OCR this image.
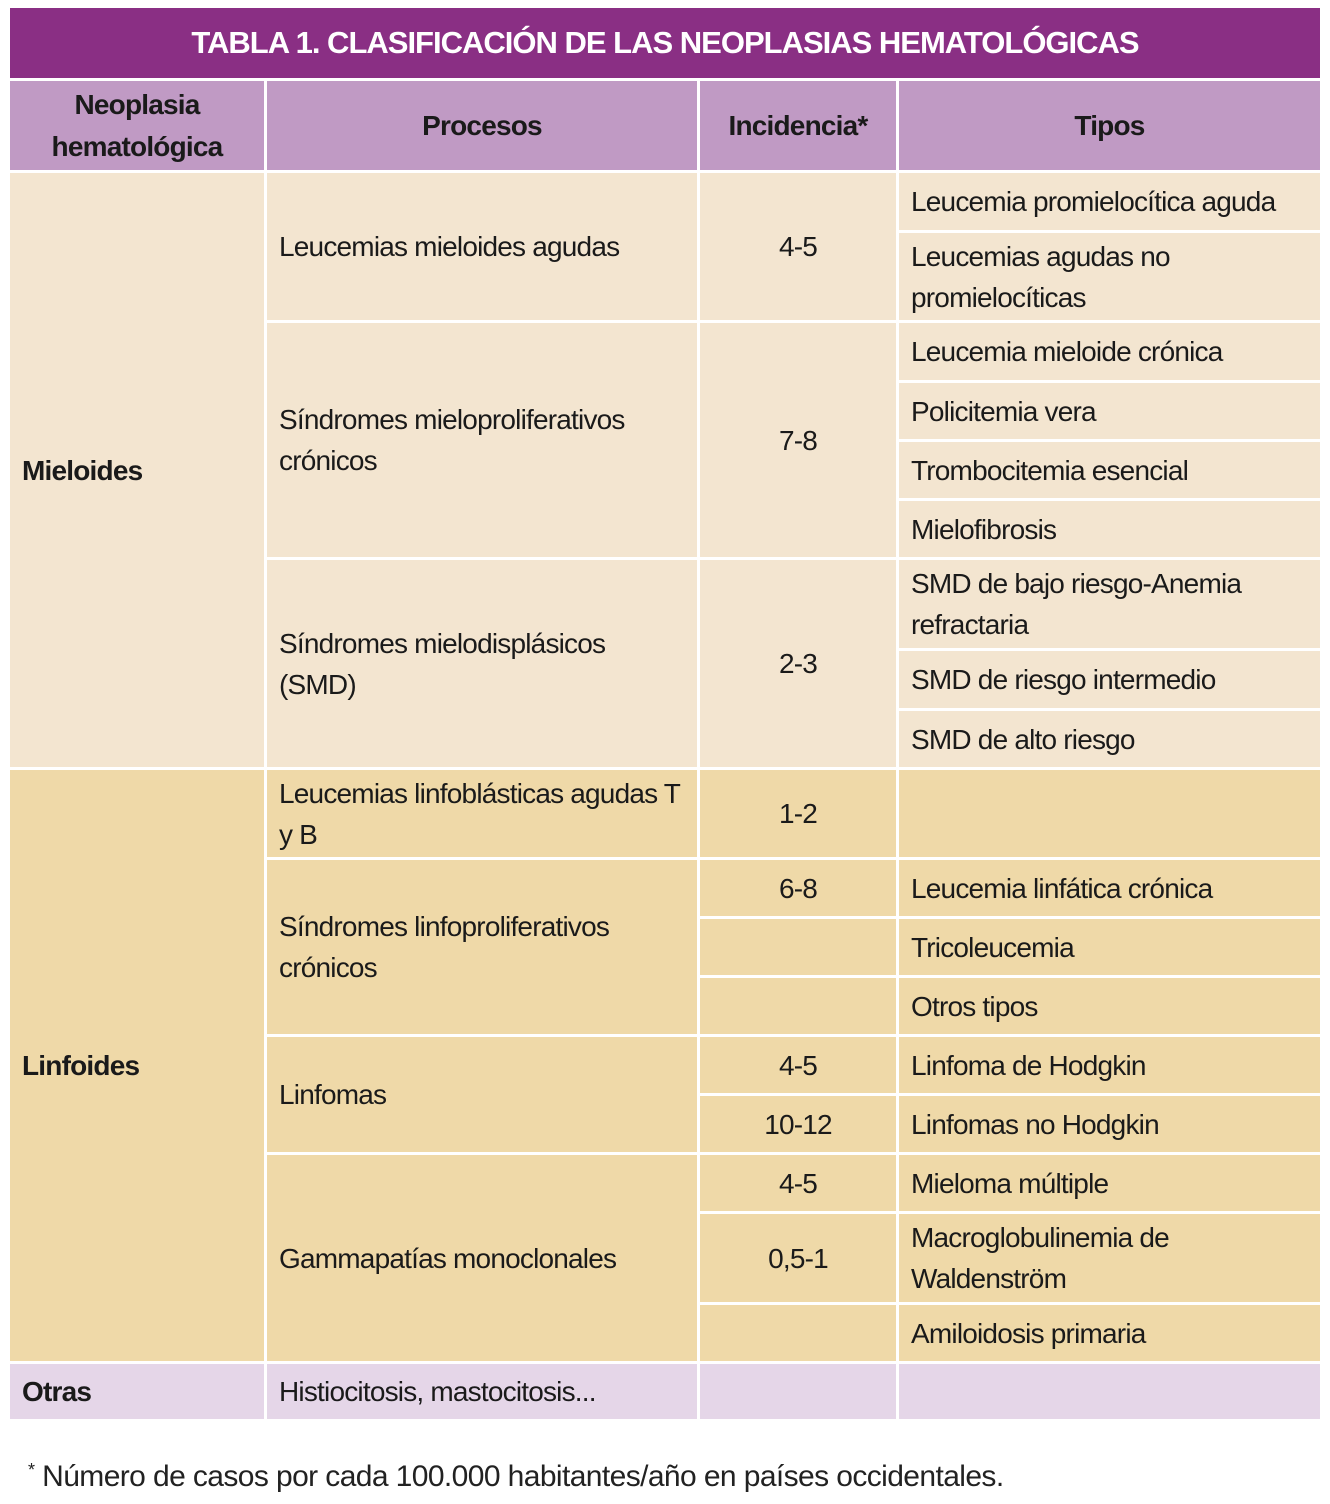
TABLA 1. CLASIFICACIÓN DE LAS NEOPLASIAS HEMATOLÓGICAS
Neoplasia hematológica
Procesos	Incidencia*	Tipos
Mieloides
Linfoides
Otras
Leucemias mieloides agudas
Síndromes mieloproliferativos crónicos
Síndromes mielodisplásicos (SMD)
Leucemias linfoblásticas agudas T y B
Síndromes linfoproliferativos crónicos
Linfomas
Gammapatías monoclonales
Histiocitosis, mastocitosis...
4-5
7-8
2-3
1-2
6-8
4-5
10-12
4-5
0,5-1
Leucemia promielocítica aguda
Leucemias agudas no promielocíticas
Leucemia mieloide crónica
Policitemia vera
Trombocitemia esencial
Mielofibrosis
SMD de bajo riesgo-Anemia refractaria
SMD de riesgo intermedio
SMD de alto riesgo
Leucemia linfática crónica
Tricoleucemia
Otros tipos
Linfoma de Hodgkin
Linfomas no Hodgkin
Mieloma múltiple
Macroglobulinemia de Waldenström
Amiloidosis primaria
* Número de casos por cada 100.000 habitantes/año en países occidentales.
